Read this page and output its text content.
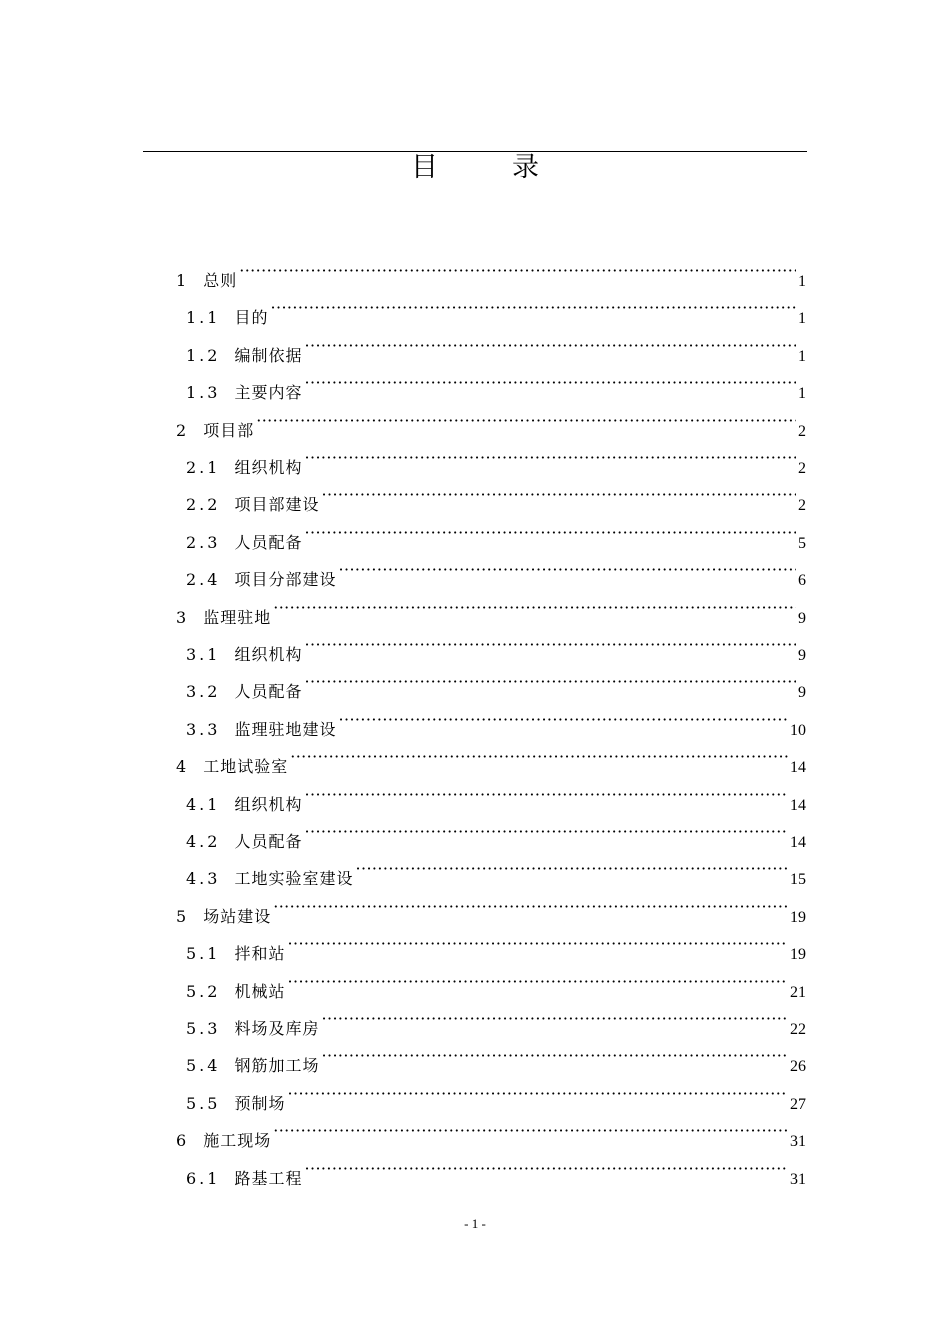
目	录
1 总则 ·····	1
1.1 目的 ·····	1
1.2 编制依据 ·····	1
1.3 主要内容 ·····	1
2 项目部 ·····	2
2.1 组织机构 ·····	2
2.2 项目部建设 ·····	2
2.3 人员配备 ·····	5
2.4 项目分部建设 ·····	6
3 监理驻地 ·····	9
3.1 组织机构 ·····	9
3.2 人员配备 ·····	9
3.3 监理驻地建设 ·····	10
4 工地试验室 ·····	14
4.1 组织机构 ·····	14
4.2 人员配备 ·····	14
4.3 工地实验室建设 ·····	15
5 场站建设 ·····	19
5.1 拌和站 ·····	19
5.2 机械站 ·····	21
5.3 料场及库房 ·····	22
5.4 钢筋加工场 ·····	26
5.5 预制场 ·····	27
6 施工现场 ·····	31
6.1 路基工程 ·····	31
- 1 -
